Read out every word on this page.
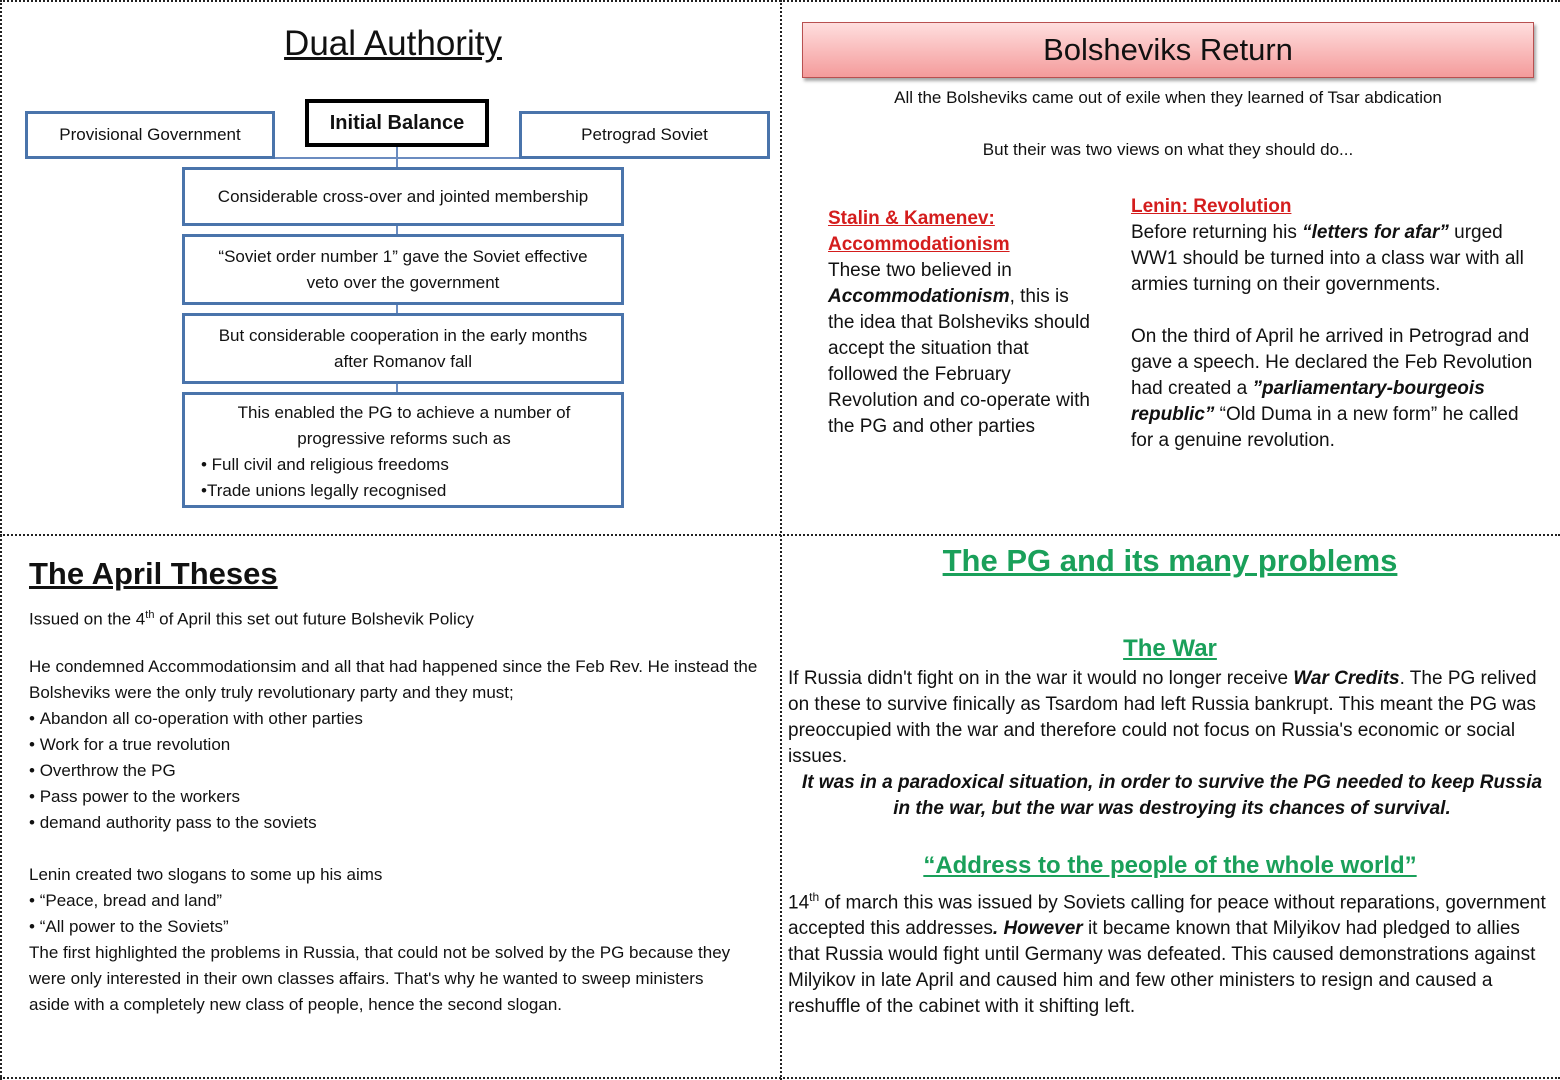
Dual Authority
Provisional Government
Initial Balance
Petrograd Soviet
Considerable cross-over and jointed membership
“Soviet order number 1” gave the Soviet effective veto over the government
But considerable cooperation in the early months after Romanov fall
This enabled the PG to achieve a number of progressive reforms such as
• Full civil and religious freedoms
•Trade unions legally recognised
Bolsheviks Return
All the Bolsheviks came out of exile when they learned of Tsar abdication
But their was two views on what they should do...
Stalin & Kamenev: Accommodationism
These two believed in Accommodationism, this is the idea that Bolsheviks should accept the situation that followed the February Revolution and co-operate with the PG and other parties
Lenin: Revolution
Before returning his “letters for afar” urged WW1 should be turned into a class war with all armies turning on their governments.
On the third of April he arrived in Petrograd and gave a speech. He declared the Feb Revolution had created a ”parliamentary-bourgeois republic” “Old Duma in a new form” he called for a genuine revolution.
The April Theses
Issued on the 4th of April this set out future Bolshevik Policy
He condemned Accommodationsim and all that had happened since the Feb Rev. He instead the Bolsheviks were the only truly revolutionary party and they must;
• Abandon all co-operation with other parties
• Work for a true revolution
• Overthrow the PG
• Pass power to the workers
• demand authority pass to the soviets
Lenin created two slogans to some up his aims
• “Peace, bread and land”
• “All power to the Soviets”
The first highlighted the problems in Russia, that could not be solved by the PG because they were only interested in their own classes affairs. That's why he wanted to sweep ministers aside with a completely new class of people, hence the second slogan.
The PG and its many problems
The War
If Russia didn't fight on in the war it would no longer receive War Credits. The PG relived on these to survive finically as Tsardom had left Russia bankrupt. This meant the PG was preoccupied with the war and therefore could not focus on Russia's economic or social issues.
It was in a paradoxical situation, in order to survive the PG needed to keep Russia in the war, but the war was destroying its chances of survival.
“Address to the people of the whole world”
14th of march this was issued by Soviets calling for peace without reparations, government accepted this addresses. However it became known that Milyikov had pledged to allies that Russia would fight until Germany was defeated. This caused demonstrations against Milyikov in late April and caused him and few other ministers to resign and caused a reshuffle of the cabinet with it shifting left.
